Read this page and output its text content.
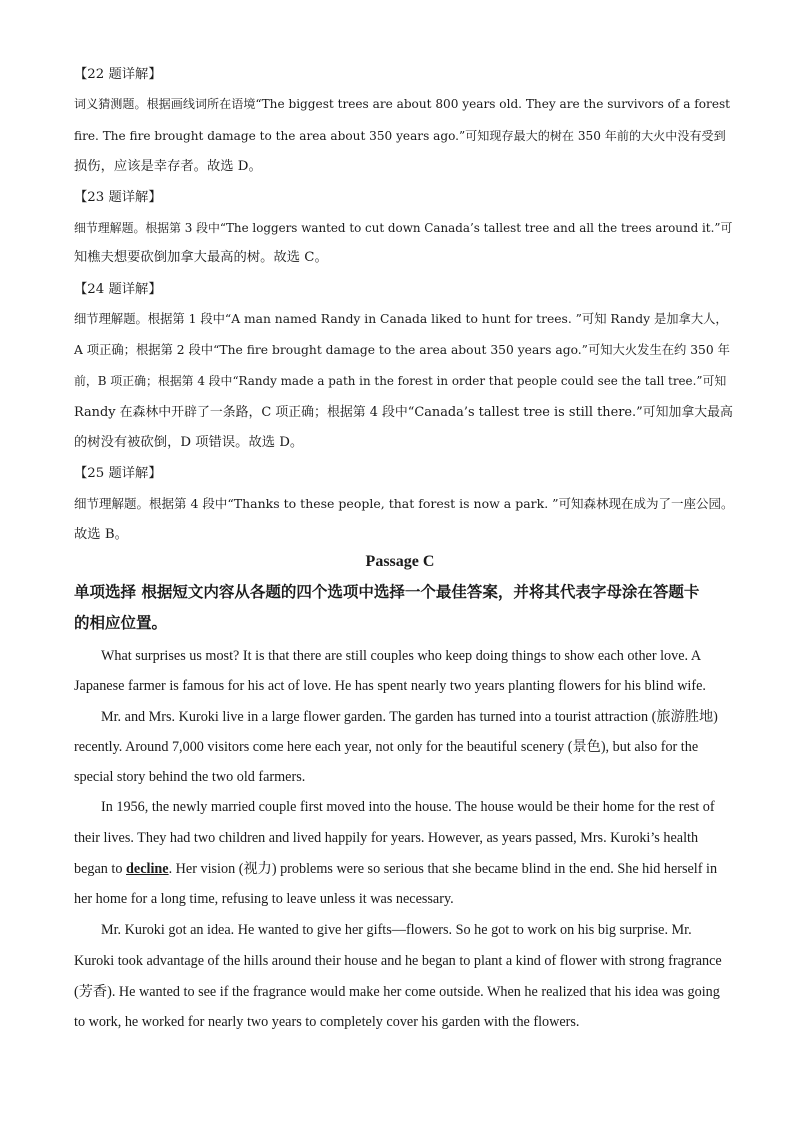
【22 题详解】
词义猜测题。根据画线词所在语境“The biggest trees are about 800 years old. They are the survivors of a forest
fire. The fire brought damage to the area about 350 years ago.”可知现存最大的树在 350 年前的大火中没有受到
损伤，应该是幸存者。故选 D。
【23 题详解】
细节理解题。根据第 3 段中“The loggers wanted to cut down Canada’s tallest tree and all the trees around it.”可
知樵夫想要砍倒加拿大最高的树。故选 C。
【24 题详解】
细节理解题。根据第 1 段中“A man named Randy in Canada liked to hunt for trees. ”可知 Randy 是加拿大人，
A 项正确；根据第 2 段中“The fire brought damage to the area about 350 years ago.”可知大火发生在约 350 年
前，B 项正确；根据第 4 段中“Randy made a path in the forest in order that people could see the tall tree.”可知
Randy 在森林中开辟了一条路，C 项正确；根据第 4 段中“Canada’s tallest tree is still there.”可知加拿大最高
的树没有被砍倒，D 项错误。故选 D。
【25 题详解】
细节理解题。根据第 4 段中“Thanks to these people, that forest is now a park. ”可知森林现在成为了一座公园。
故选 B。
Passage C
单项选择 根据短文内容从各题的四个选项中选择一个最佳答案，并将其代表字母涂在答题卡
的相应位置。
What surprises us most? It is that there are still couples who keep doing things to show each other love. A
Japanese farmer is famous for his act of love. He has spent nearly two years planting flowers for his blind wife.
Mr. and Mrs. Kuroki live in a large flower garden. The garden has turned into a tourist attraction (旅游胜地)
recently. Around 7,000 visitors come here each year, not only for the beautiful scenery (景色), but also for the
special story behind the two old farmers.
In 1956, the newly married couple first moved into the house. The house would be their home for the rest of
their lives. They had two children and lived happily for years. However, as years passed, Mrs. Kuroki’s health
began to decline. Her vision (视力) problems were so serious that she became blind in the end. She hid herself in
her home for a long time, refusing to leave unless it was necessary.
Mr. Kuroki got an idea. He wanted to give her gifts—flowers. So he got to work on his big surprise. Mr.
Kuroki took advantage of the hills around their house and he began to plant a kind of flower with strong fragrance
(芳香). He wanted to see if the fragrance would make her come outside. When he realized that his idea was going
to work, he worked for nearly two years to completely cover his garden with the flowers.
